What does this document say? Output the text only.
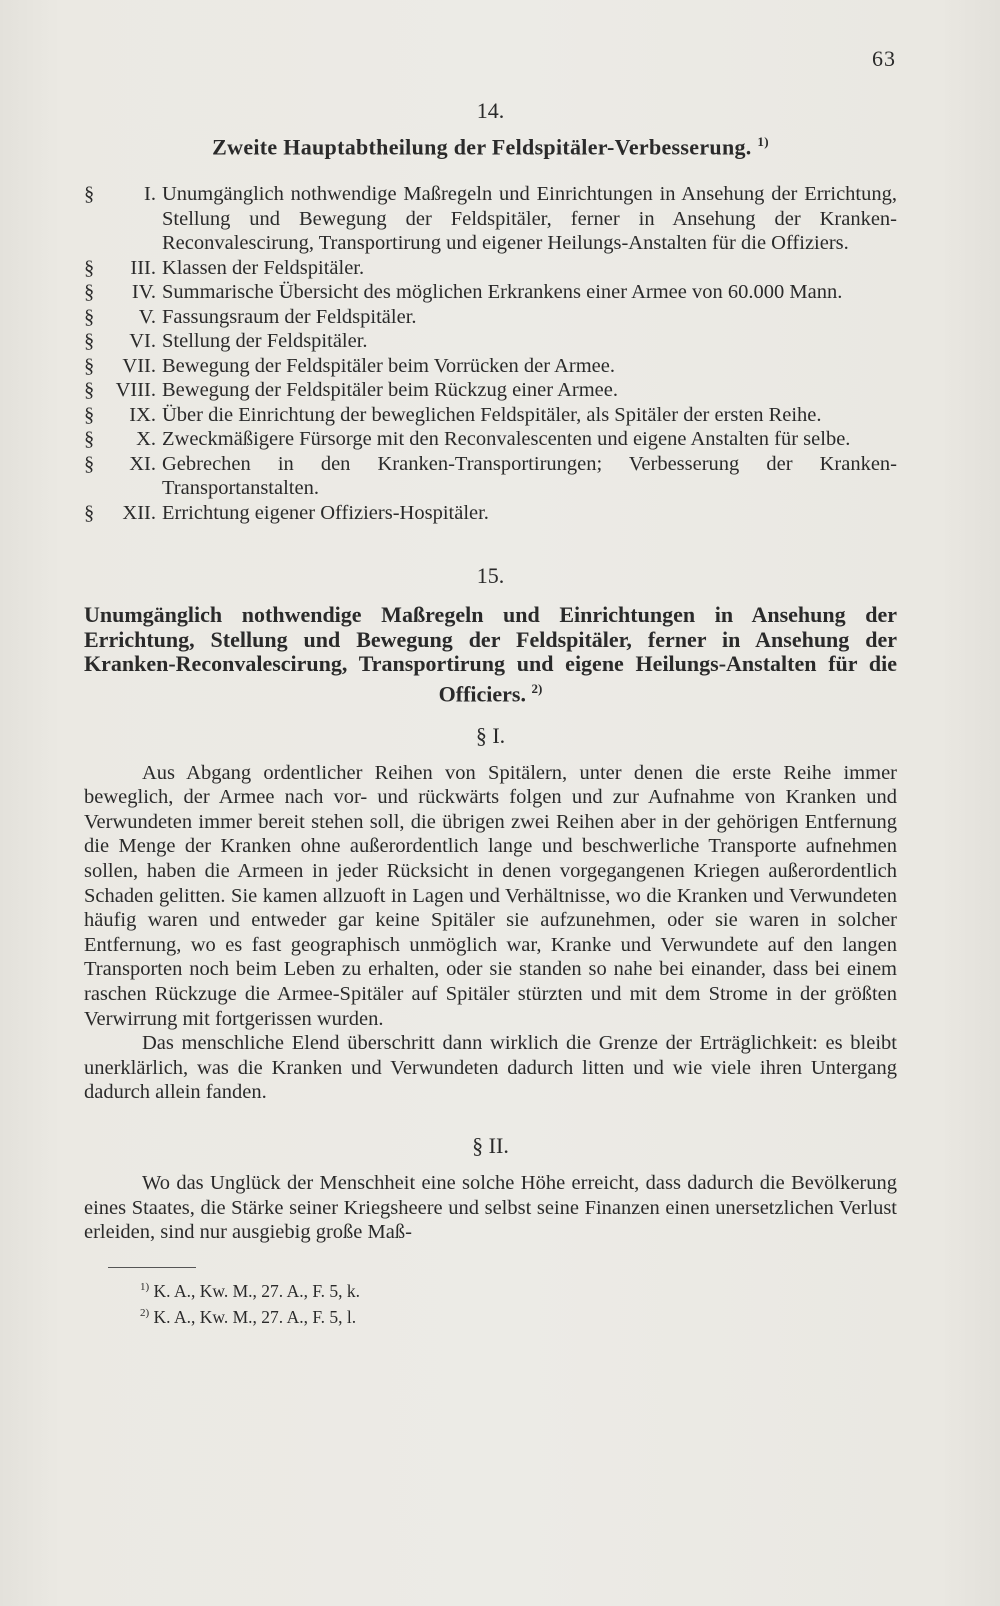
63
14.
Zweite Hauptabtheilung der Feldspitäler-Verbesserung. $^{1)}$
§	I. Unumgänglich nothwendige Maßregeln und Einrichtungen in Ansehung der Errichtung, Stellung und Bewegung der Feldspitäler, ferner in Ansehung der Kranken-Reconvalescirung, Transportirung und eigener Heilungs-Anstalten für die Offiziers.
§	III. Klassen der Feldspitäler.
§	IV. Summarische Übersicht des möglichen Erkrankens einer Armee von 60.000 Mann.
§	V. Fassungsraum der Feldspitäler.
§	VI. Stellung der Feldspitäler.
§	VII. Bewegung der Feldspitäler beim Vorrücken der Armee.
§	VIII. Bewegung der Feldspitäler beim Rückzug einer Armee.
§	IX. Über die Einrichtung der beweglichen Feldspitäler, als Spitäler der ersten Reihe.
§	X. Zweckmäßigere Fürsorge mit den Reconvalescenten und eigene Anstalten für selbe.
§	XI. Gebrechen in den Kranken-Transportirungen; Verbesserung der Kranken-Transportanstalten.
§	XII. Errichtung eigener Offiziers-Hospitäler.
15.
Unumgänglich nothwendige Maßregeln und Einrichtungen in Ansehung der Errichtung, Stellung und Bewegung der Feldspitäler, ferner in Ansehung der Kranken-Reconvalescirung, Transportirung und eigene Heilungs-Anstalten für die Officiers. $^{2)}$
§ I.

Aus Abgang ordentlicher Reihen von Spitälern, unter denen die erste Reihe immer beweglich, der Armee nach vor- und rückwärts folgen und zur Aufnahme von Kranken und Verwundeten immer bereit stehen soll, die übrigen zwei Reihen aber in der gehörigen Entfernung die Menge der Kranken ohne außerordentlich lange und beschwerliche Transporte aufnehmen sollen, haben die Armeen in jeder Rücksicht in denen vorgegangenen Kriegen außerordentlich Schaden gelitten. Sie kamen allzuoft in Lagen und Verhältnisse, wo die Kranken und Verwundeten häufig waren und entweder gar keine Spitäler sie aufzunehmen, oder sie waren in solcher Entfernung, wo es fast geographisch unmöglich war, Kranke und Verwundete auf den langen Transporten noch beim Leben zu erhalten, oder sie standen so nahe bei einander, dass bei einem raschen Rückzuge die Armee-Spitäler auf Spitäler stürzten und mit dem Strome in der größten Verwirrung mit fortgerissen wurden.

Das menschliche Elend überschritt dann wirklich die Grenze der Erträglichkeit: es bleibt unerklärlich, was die Kranken und Verwundeten dadurch litten und wie viele ihren Untergang dadurch allein fanden.

§ II.

Wo das Unglück der Menschheit eine solche Höhe erreicht, dass dadurch die Bevölkerung eines Staates, die Stärke seiner Kriegsheere und selbst seine Finanzen einen unersetzlichen Verlust erleiden, sind nur ausgiebig große Maß-

$^{1)}$ K. A., Kw. M., 27. A., F. 5, k.
$^{2)}$ K. A., Kw. M., 27. A., F. 5, l.
